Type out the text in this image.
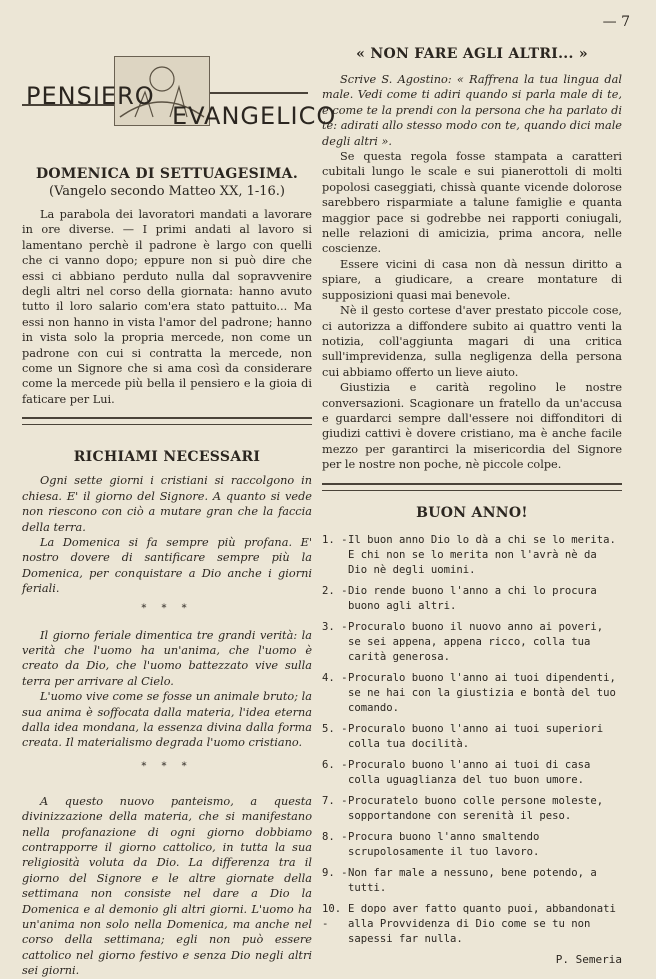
— 7
PENSIERO
EVANGELICO
DOMENICA DI SETTUAGESIMA.
(Vangelo secondo Matteo XX, 1-16.)

La parabola dei lavoratori mandati a lavorare in ore diverse. — I primi andati al lavoro si lamentano perchè il padrone è largo con quelli che ci vanno dopo; eppure non si può dire che essi ci abbiano perduto nulla dal sopravvenire degli altri nel corso della giornata: hanno avuto tutto il loro salario com'era stato pattuito... Ma essi non hanno in vista l'amor del padrone; hanno in vista solo la propria mercede, non come un padrone con cui si contratta la mercede, non come un Signore che si ama così da considerare come la mercede più bella il pensiero e la gioia di faticare per Lui.

RICHIAMI NECESSARI

Ogni sette giorni i cristiani si raccolgono in chiesa. E' il giorno del Signore. A quanto si vede non riescono con ciò a mutare gran che la faccia della terra.

La Domenica si fa sempre più profana. E' nostro dovere di santificare sempre più la Domenica, per conquistare a Dio anche i giorni feriali.

* * *

Il giorno feriale dimentica tre grandi verità: la verità che l'uomo ha un'anima, che l'uomo è creato da Dio, che l'uomo battezzato vive sulla terra per arrivare al Cielo.

L'uomo vive come se fosse un animale bruto; la sua anima è soffocata dalla materia, l'idea eterna dalla idea mondana, la essenza divina dalla forma creata. Il materialismo degrada l'uomo cristiano.

* * *

A questo nuovo panteismo, a questa divinizzazione della materia, che si manifestano nella profanazione di ogni giorno dobbiamo contrapporre il giorno cattolico, in tutta la sua religiosità voluta da Dio. La differenza tra il giorno del Signore e le altre giornate della settimana non consiste nel dare a Dio la Domenica e al demonio gli altri giorni. L'uomo ha un'anima non solo nella Domenica, ma anche nel corso della settimana; egli non può essere cattolico nel giorno festivo e senza Dio negli altri sei giorni.

« NON FARE AGLI ALTRI... »

Scrive S. Agostino: « Raffrena la tua lingua dal male. Vedi come ti adiri quando si parla male di te, e come te la prendi con la persona che ha parlato di te: adirati allo stesso modo con te, quando dici male degli altri ».

Se questa regola fosse stampata a caratteri cubitali lungo le scale e sui pianerottoli di molti popolosi caseggiati, chissà quante vicende dolorose sarebbero risparmiate a talune famiglie e quanta maggior pace si godrebbe nei rapporti coniugali, nelle relazioni di amicizia, prima ancora, nelle coscienze.

Essere vicini di casa non dà nessun diritto a spiare, a giudicare, a creare montature di supposizioni quasi mai benevole.

Nè il gesto cortese d'aver prestato piccole cose, ci autorizza a diffondere subito ai quattro venti la notizia, coll'aggiunta magari di una critica sull'imprevidenza, sulla negligenza della persona cui abbiamo offerto un lieve aiuto.

Giustizia e carità regolino le nostre conversazioni. Scagionare un fratello da un'accusa e guardarci sempre dall'essere noi diffonditori di giudizi cattivi è dovere cristiano, ma è anche facile mezzo per garantirci la misericordia del Signore per le nostre non poche, nè piccole colpe.

BUON ANNO!
1. - Il buon anno Dio lo dà a chi se lo merita. E chi non se lo merita non l'avrà nè da Dio nè degli uomini.
2. - Dio rende buono l'anno a chi lo procura buono agli altri.
3. - Procuralo buono il nuovo anno ai poveri, se sei appena, appena ricco, colla tua carità generosa.
4. - Procuralo buono l'anno ai tuoi dipendenti, se ne hai con la giustizia e bontà del tuo comando.
5. - Procuralo buono l'anno ai tuoi superiori colla tua docilità.
6. - Procuralo buono l'anno ai tuoi di casa colla uguaglianza del tuo buon umore.
7. - Procuratelo buono colle persone moleste, sopportandone con serenità il peso.
8. - Procura buono l'anno smaltendo scrupolosamente il tuo lavoro.
9. - Non far male a nessuno, bene potendo, a tutti.
10. -
E dopo aver fatto quanto puoi, abbandonati alla Provvidenza di Dio come se tu non sapessi far nulla.
P. Semeria
